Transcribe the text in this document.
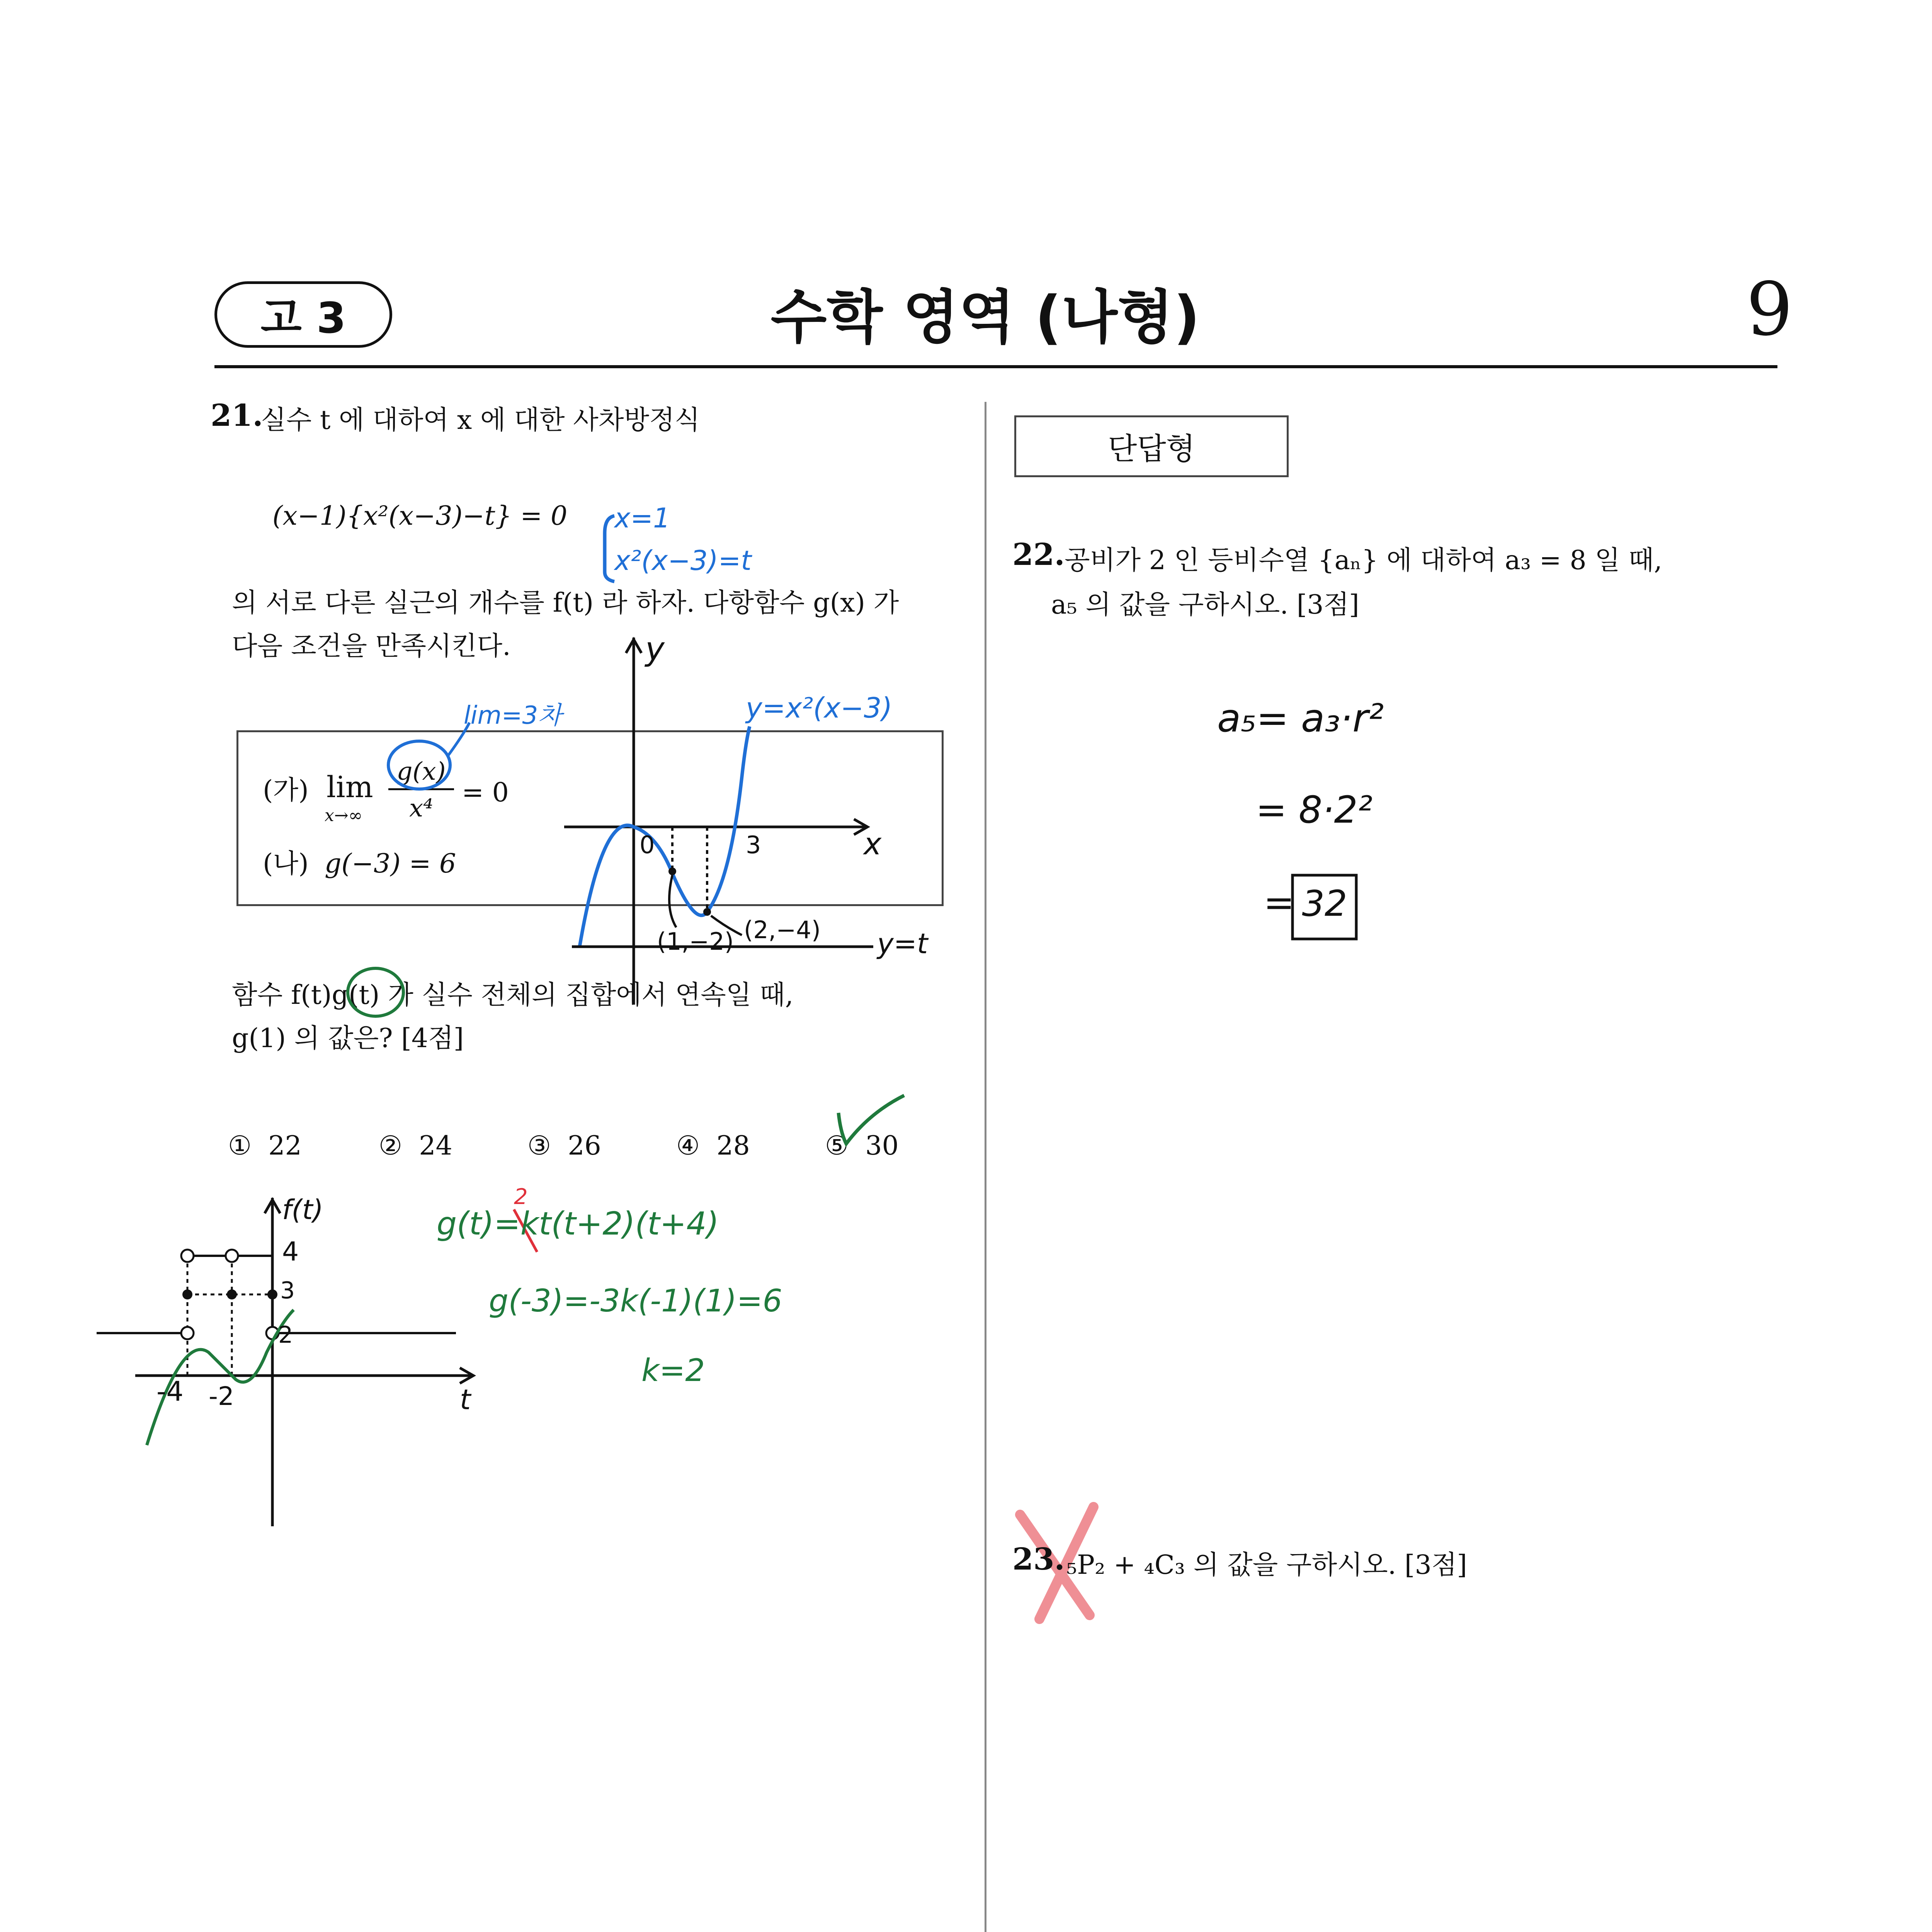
고 3	수학 영역 (나형)	9
21.
실수 t 에 대하여 x 에 대한 사차방정식
(x−1){x²(x−3)−t} = 0
의 서로 다른 실근의 개수를 f(t) 라 하자. 다항함수 g(x) 가
다음 조건을 만족시킨다.
(가) lim
x→∞
g(x)
x⁴
= 0
(나) g(−3) = 6
함수 f(t)g(t) 가 실수 전체의 집합에서 연속일 때,
g(1) 의 값은? [4점]
① 22	② 24	③ 26	④ 28	⑤ 30
x=1
x²(x−3)=t
lim=3차	y=x²(x−3)
y
x
0	3
(1,−2) (2,−4) y=t
f(t)
4
3
2
-4 -2	t
g(t)=kt(t+2)(t+4)
2
g(-3)=-3k(-1)(1)=6
k=2
단답형
22. 공비가 2 인 등비수열 {aₙ} 에 대하여 a₃ = 8 일 때,
a₅ 의 값을 구하시오. [3점]
a₅= a₃·r²
= 8·2²
= 32
23. ₅P₂ + ₄C₃ 의 값을 구하시오. [3점]
